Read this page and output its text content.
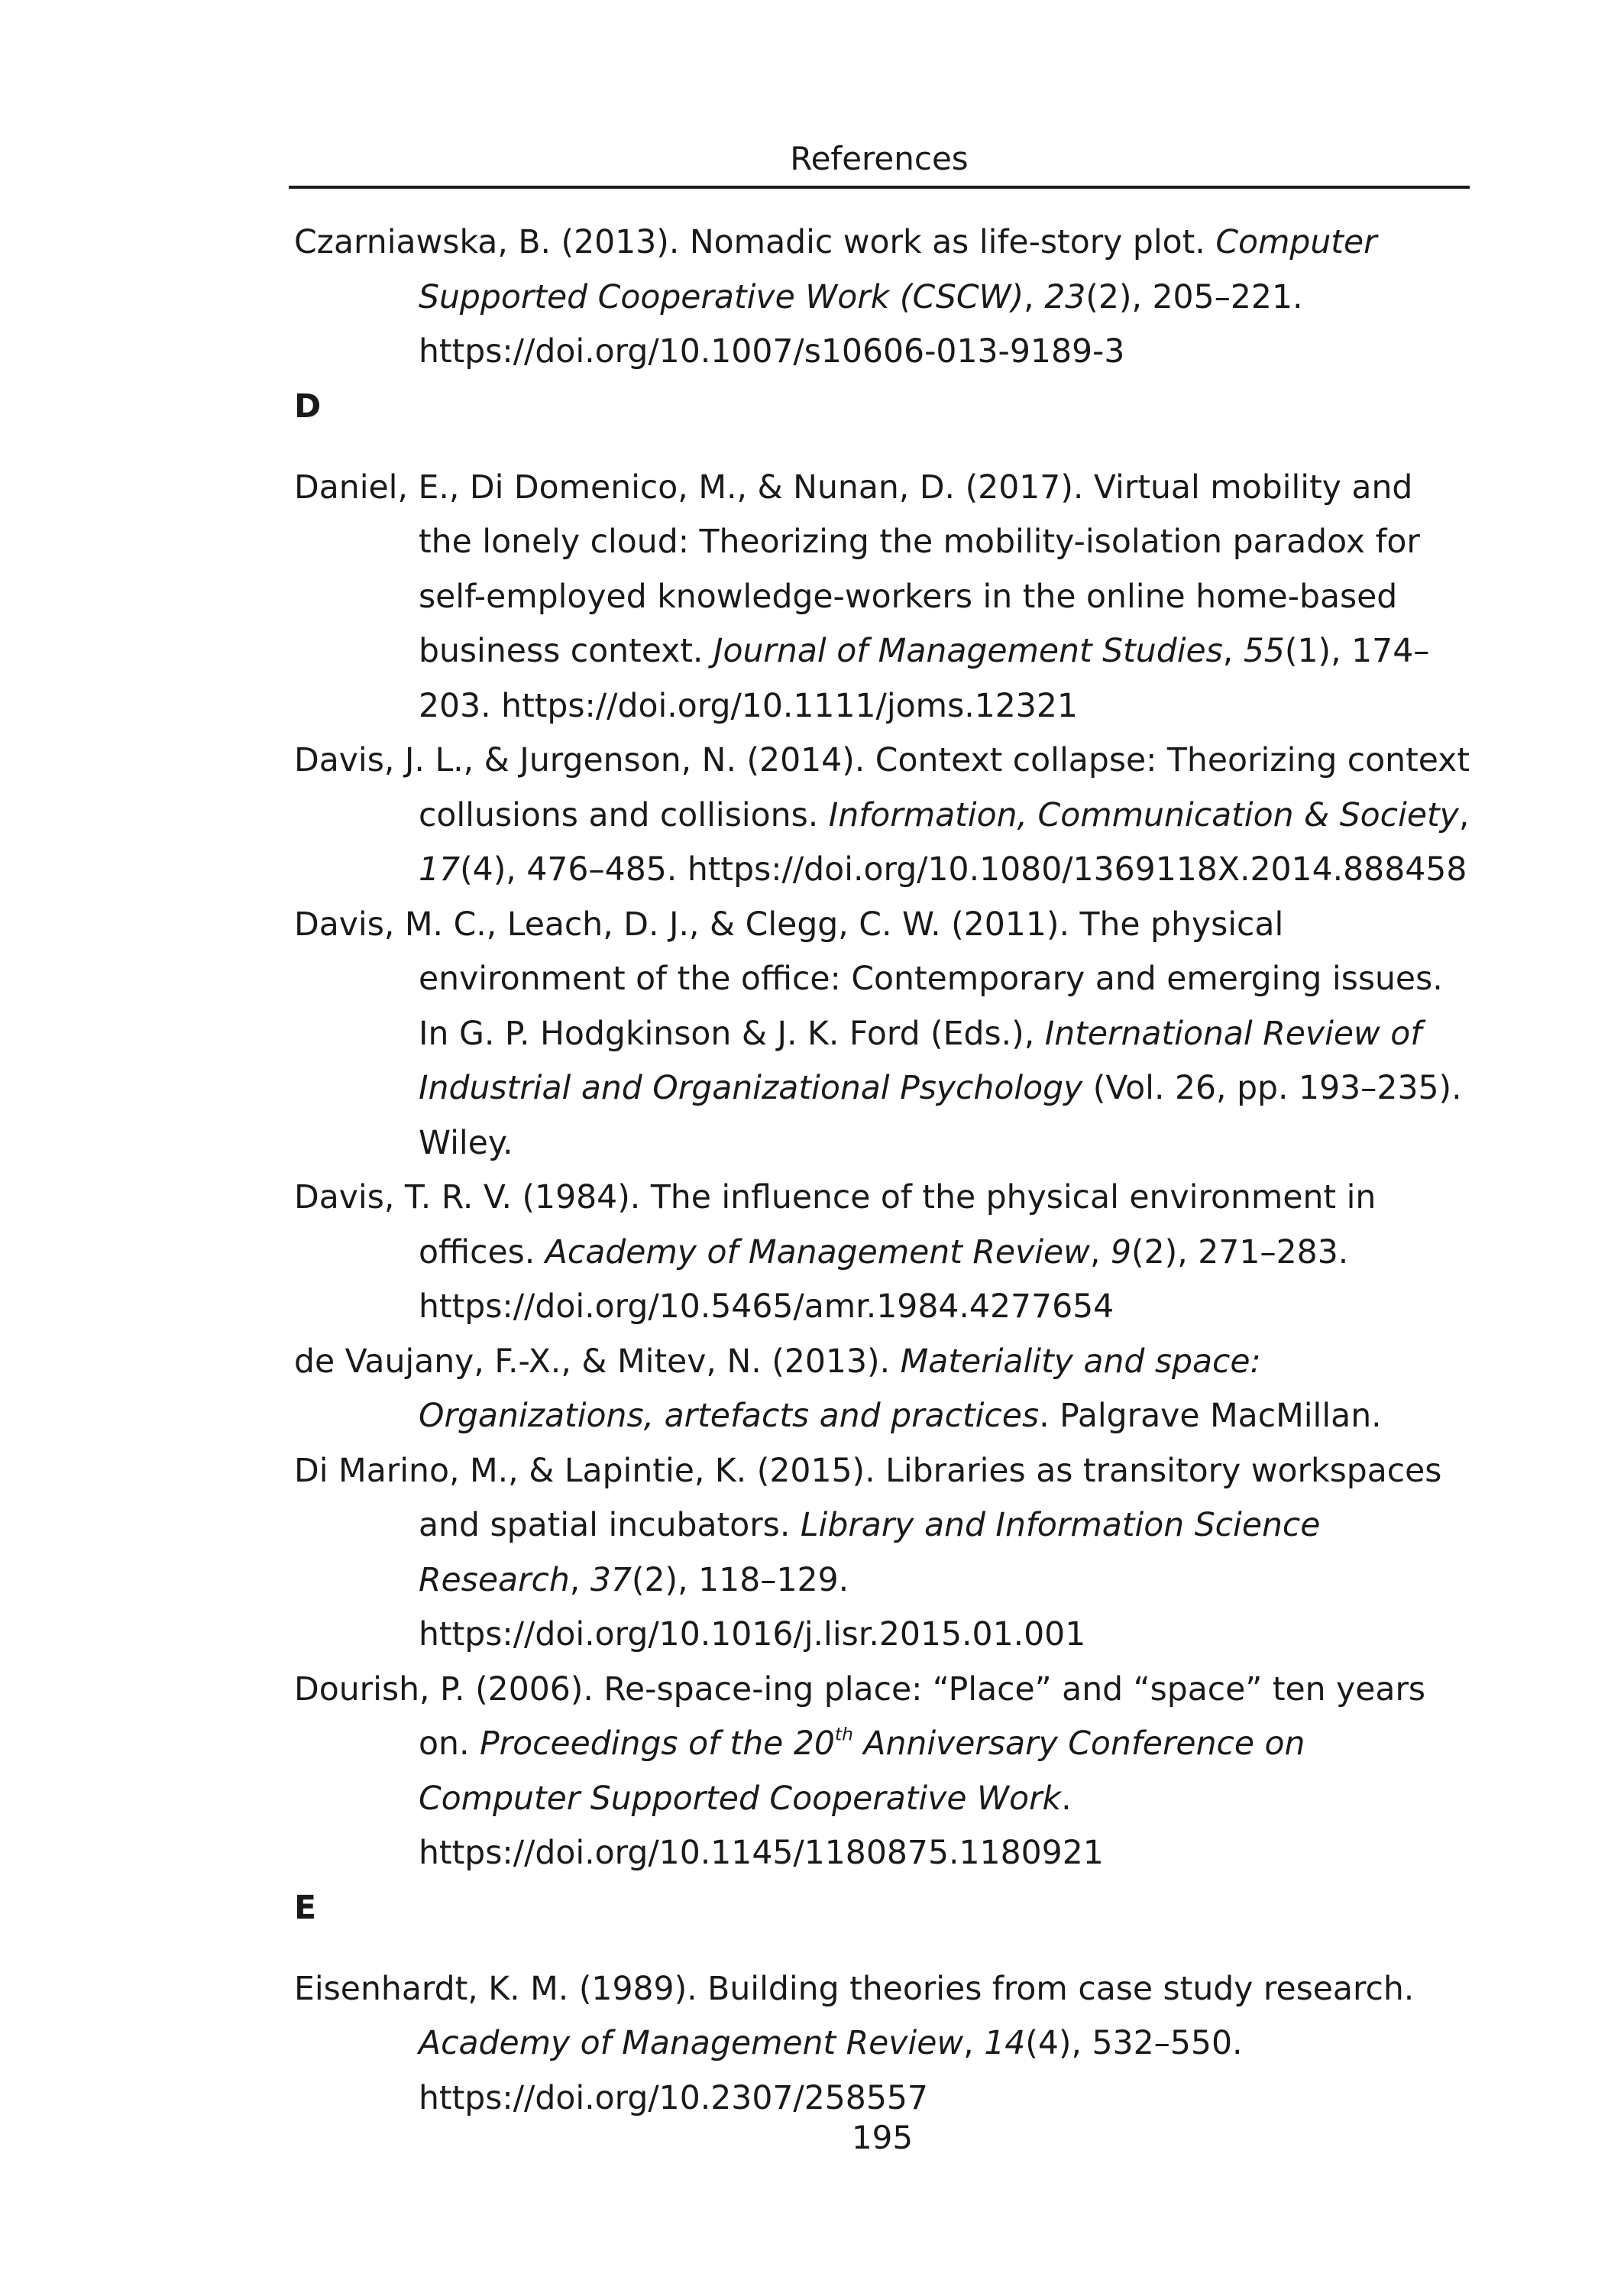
References

Czarniawska, B. (2013). Nomadic work as life-story plot. Computer Supported Cooperative Work (CSCW), 23(2), 205–221. https://doi.org/10.1007/s10606-013-9189-3

D

Daniel, E., Di Domenico, M., & Nunan, D. (2017). Virtual mobility and the lonely cloud: Theorizing the mobility-isolation paradox for self-employed knowledge-workers in the online home-based business context. Journal of Management Studies, 55(1), 174–203. https://doi.org/10.1111/joms.12321

Davis, J. L., & Jurgenson, N. (2014). Context collapse: Theorizing context collusions and collisions. Information, Communication & Society, 17(4), 476–485. https://doi.org/10.1080/1369118X.2014.888458

Davis, M. C., Leach, D. J., & Clegg, C. W. (2011). The physical environment of the office: Contemporary and emerging issues. In G. P. Hodgkinson & J. K. Ford (Eds.), International Review of Industrial and Organizational Psychology (Vol. 26, pp. 193–235). Wiley.

Davis, T. R. V. (1984). The influence of the physical environment in offices. Academy of Management Review, 9(2), 271–283. https://doi.org/10.5465/amr.1984.4277654

de Vaujany, F.-X., & Mitev, N. (2013). Materiality and space: Organizations, artefacts and practices. Palgrave MacMillan.

Di Marino, M., & Lapintie, K. (2015). Libraries as transitory workspaces and spatial incubators. Library and Information Science Research, 37(2), 118–129. https://doi.org/10.1016/j.lisr.2015.01.001

Dourish, P. (2006). Re-space-ing place: “Place” and “space” ten years on. Proceedings of the 20th Anniversary Conference on Computer Supported Cooperative Work. https://doi.org/10.1145/1180875.1180921

E

Eisenhardt, K. M. (1989). Building theories from case study research. Academy of Management Review, 14(4), 532–550. https://doi.org/10.2307/258557

195
